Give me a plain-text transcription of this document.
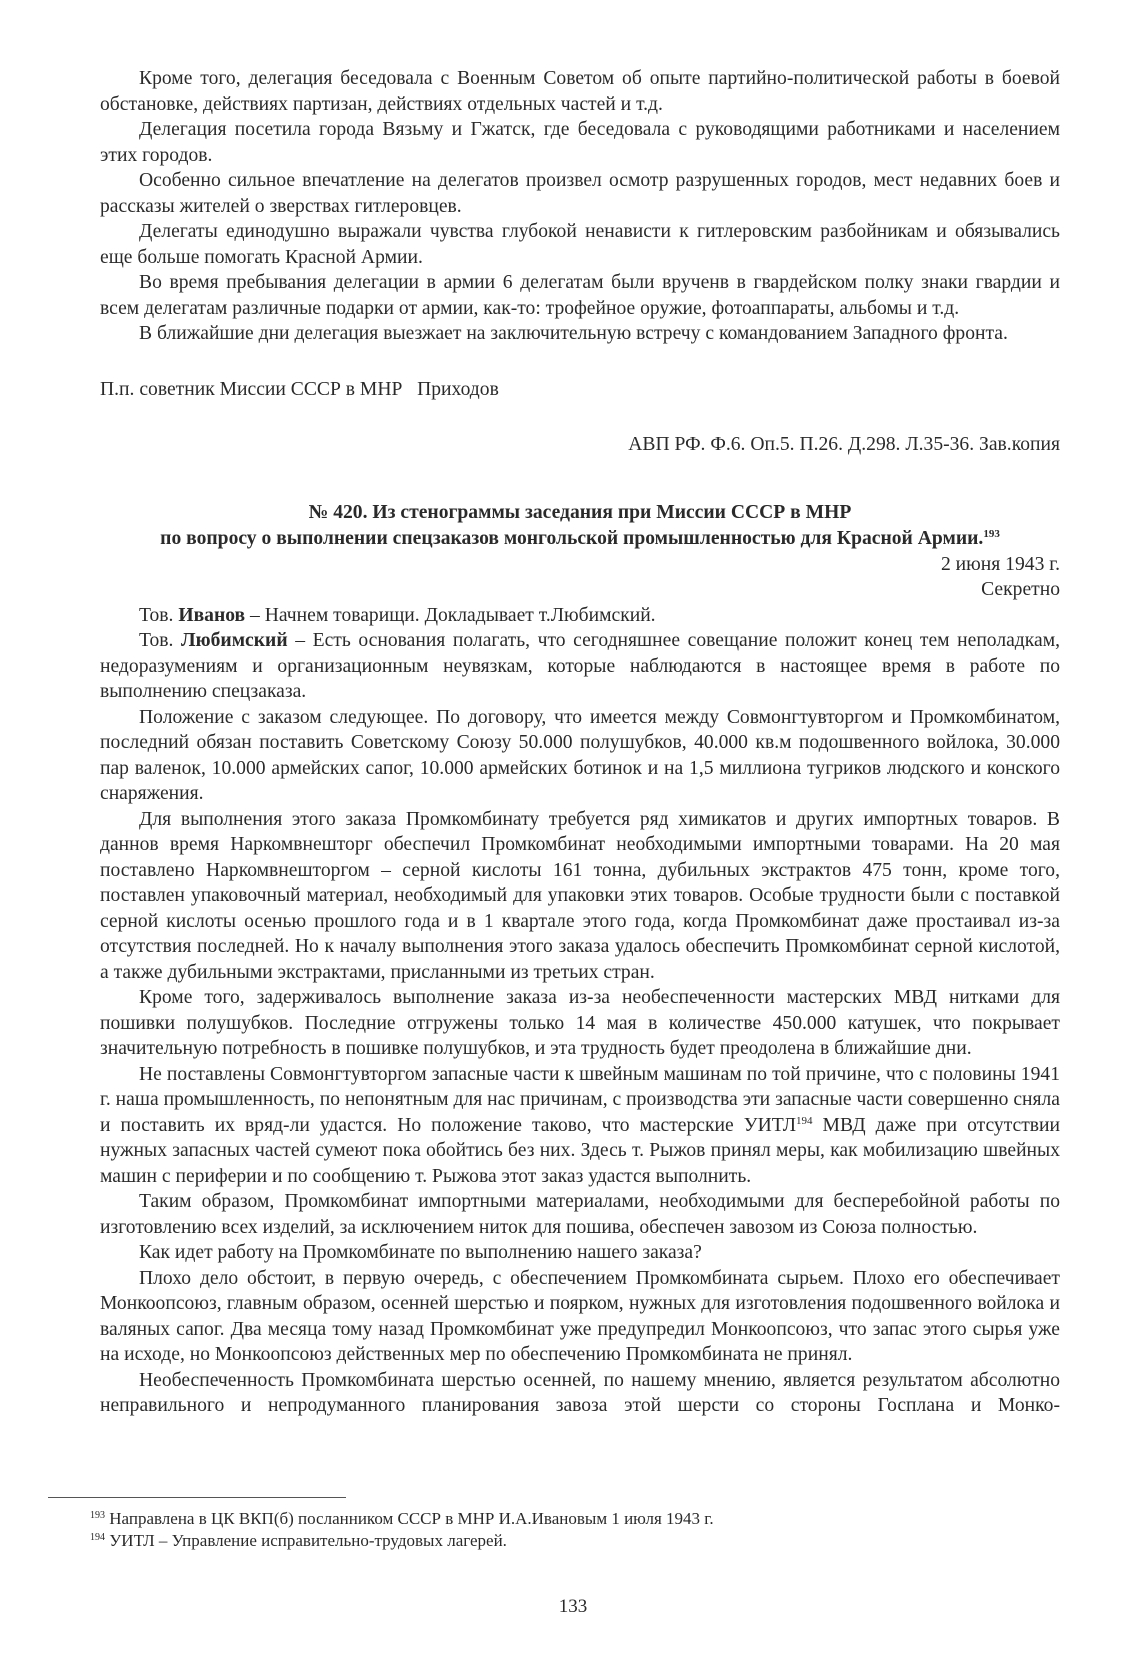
Кроме того, делегация беседовала с Военным Советом об опыте партийно-политической работы в боевой обстановке, действиях партизан, действиях отдельных частей и т.д.

Делегация посетила города Вязьму и Гжатск, где беседовала с руководящими работниками и населением этих городов.

Особенно сильное впечатление на делегатов произвел осмотр разрушенных городов, мест недавних боев и рассказы жителей о зверствах гитлеровцев.

Делегаты единодушно выражали чувства глубокой ненависти к гитлеровским разбойникам и обязывались еще больше помогать Красной Армии.

Во время пребывания делегации в армии 6 делегатам были врученв в гвардейском полку знаки гвардии и всем делегатам различные подарки от армии, как-то: трофейное оружие, фотоаппараты, альбомы и т.д.

В ближайшие дни делегация выезжает на заключительную встречу с командованием Западного фронта.

П.п. советник Миссии СССР в МНР   Приходов

АВП РФ. Ф.6. Оп.5. П.26. Д.298. Л.35-36. Зав.копия

№ 420. Из стенограммы заседания при Миссии СССР в МНР
по вопросу о выполнении спецзаказов монгольской промышленностью для Красной Армии.$^{193}$

2 июня 1943 г.

Секретно

Тов. Иванов – Начнем товарищи. Докладывает т.Любимский.

Тов. Любимский – Есть основания полагать, что сегодняшнее совещание положит конец тем неполадкам, недоразумениям и организационным неувязкам, которые наблюдаются в настоящее время в работе по выполнению спецзаказа.

Положение с заказом следующее. По договору, что имеется между Совмонгтувторгом и Промкомбинатом, последний обязан поставить Советскому Союзу 50.000 полушубков, 40.000 кв.м подошвенного войлока, 30.000 пар валенок, 10.000 армейских сапог, 10.000 армейских ботинок и на 1,5 миллиона тугриков людского и конского снаряжения.

Для выполнения этого заказа Промкомбинату требуется ряд химикатов и других импортных товаров. В даннов время Наркомвнешторг обеспечил Промкомбинат необходимыми импортными товарами. На 20 мая поставлено Наркомвнешторгом – серной кислоты 161 тонна, дубильных экстрактов 475 тонн, кроме того, поставлен упаковочный материал, необходимый для упаковки этих товаров. Особые трудности были с поставкой серной кислоты осенью прошлого года и в 1 квартале этого года, когда Промкомбинат даже простаивал из-за отсутствия последней. Но к началу выполнения этого заказа удалось обеспечить Промкомбинат серной кислотой, а также дубильными экстрактами, присланными из третьих стран.

Кроме того, задерживалось выполнение заказа из-за необеспеченности мастерских МВД нитками для пошивки полушубков. Последние отгружены только 14 мая в количестве 450.000 катушек, что покрывает значительную потребность в пошивке полушубков, и эта трудность будет преодолена в ближайшие дни.

Не поставлены Совмонгтувторгом запасные части к швейным машинам по той причине, что с половины 1941 г. наша промышленность, по непонятным для нас причинам, с производства эти запасные части совершенно сняла и поставить их вряд-ли удастся. Но положение таково, что мастерские УИТЛ$^{194}$ МВД даже при отсутствии нужных запасных частей сумеют пока обойтись без них. Здесь т. Рыжов принял меры, как мобилизацию швейных машин с периферии и по сообщению т. Рыжова этот заказ удастся выполнить.

Таким образом, Промкомбинат импортными материалами, необходимыми для бесперебойной работы по изготовлению всех изделий, за исключением ниток для пошива, обеспечен завозом из Союза полностью.

Как идет работу на Промкомбинате по выполнению нашего заказа?

Плохо дело обстоит, в первую очередь, с обеспечением Промкомбината сырьем. Плохо его обеспечивает Монкоопсоюз, главным образом, осенней шерстью и поярком, нужных для изготовления подошвенного войлока и валяных сапог. Два месяца тому назад Промкомбинат уже предупредил Монкоопсоюз, что запас этого сырья уже на исходе, но Монкоопсоюз действенных мер по обеспечению Промкомбината не принял.

Необеспеченность Промкомбината шерстью осенней, по нашему мнению, является результатом абсолютно неправильного и непродуманного планирования завоза этой шерсти со стороны Госплана и Монко-

$^{193}$ Направлена в ЦК ВКП(б) посланником СССР в МНР И.А.Ивановым 1 июля 1943 г.

$^{194}$ УИТЛ – Управление исправительно-трудовых лагерей.

133
